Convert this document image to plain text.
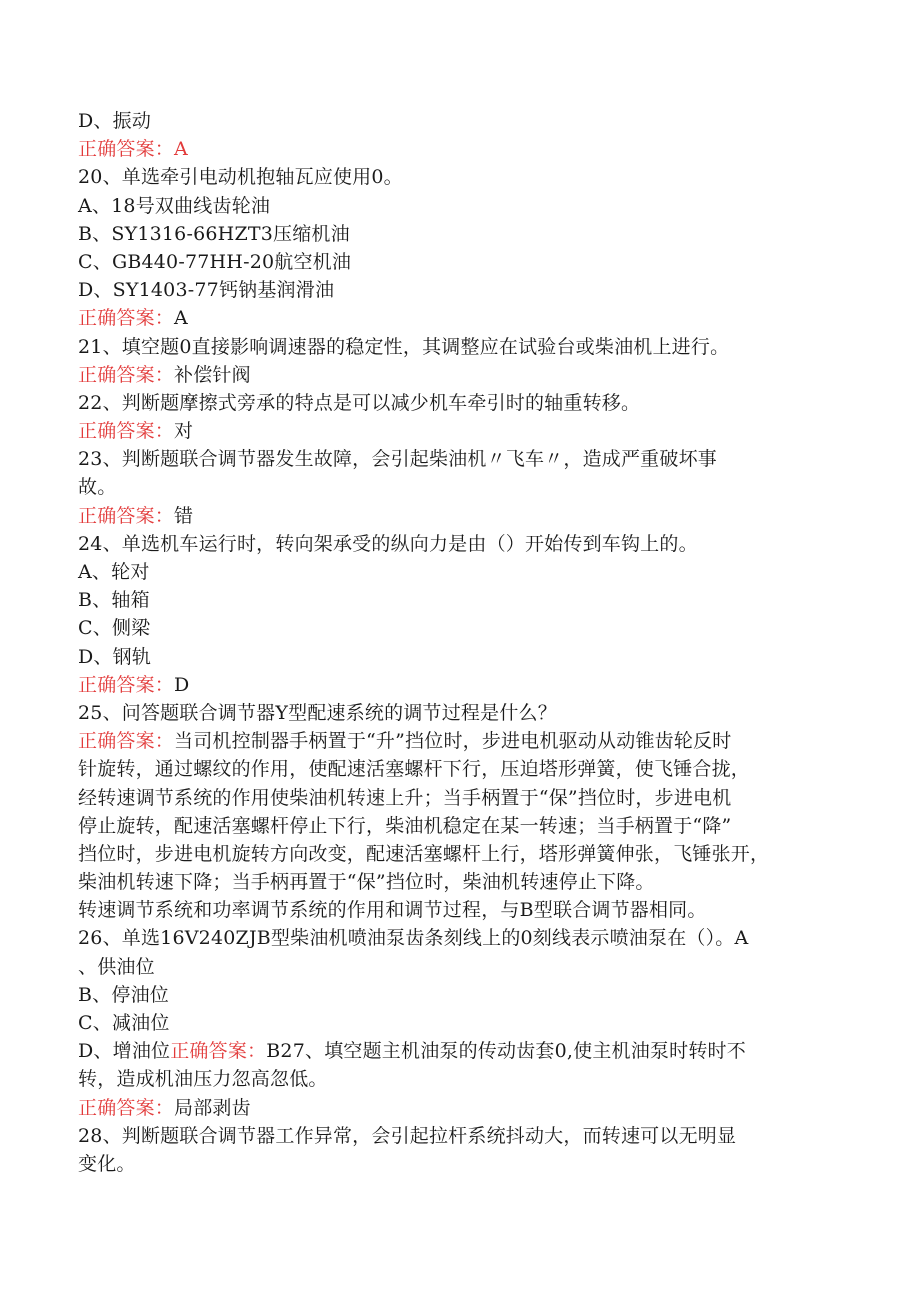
D、振动
正确答案：A
20、单选牵引电动机抱轴瓦应使用0。
A、18号双曲线齿轮油
B、SY1316-66HZT3压缩机油
C、GB440-77HH-20航空机油
D、SY1403-77钙钠基润滑油
正确答案：A
21、填空题0直接影响调速器的稳定性，其调整应在试验台或柴油机上进行。
正确答案：补偿针阀
22、判断题摩擦式旁承的特点是可以减少机车牵引时的轴重转移。
正确答案：对
23、判断题联合调节器发生故障，会引起柴油机〃飞车〃，造成严重破坏事
故。
正确答案：错
24、单选机车运行时，转向架承受的纵向力是由（）开始传到车钩上的。
A、轮对
B、轴箱
C、侧梁
D、钢轨
正确答案：D
25、问答题联合调节器Y型配速系统的调节过程是什么？
正确答案：当司机控制器手柄置于“升”挡位时，步进电机驱动从动锥齿轮反时
针旋转，通过螺纹的作用，使配速活塞螺杆下行，压迫塔形弹簧，使飞锤合拢，
经转速调节系统的作用使柴油机转速上升；当手柄置于“保”挡位时，步进电机
停止旋转，配速活塞螺杆停止下行，柴油机稳定在某一转速；当手柄置于“降”
挡位时，步进电机旋转方向改变，配速活塞螺杆上行，塔形弹簧伸张，飞锤张开，
柴油机转速下降；当手柄再置于“保”挡位时，柴油机转速停止下降。
转速调节系统和功率调节系统的作用和调节过程，与B型联合调节器相同。
26、单选16V240ZJB型柴油机喷油泵齿条刻线上的0刻线表示喷油泵在（）。A
、供油位
B、停油位
C、减油位
D、增油位正确答案：B27、填空题主机油泵的传动齿套0,使主机油泵时转时不
转，造成机油压力忽高忽低。
正确答案：局部剥齿
28、判断题联合调节器工作异常，会引起拉杆系统抖动大，而转速可以无明显
变化。
